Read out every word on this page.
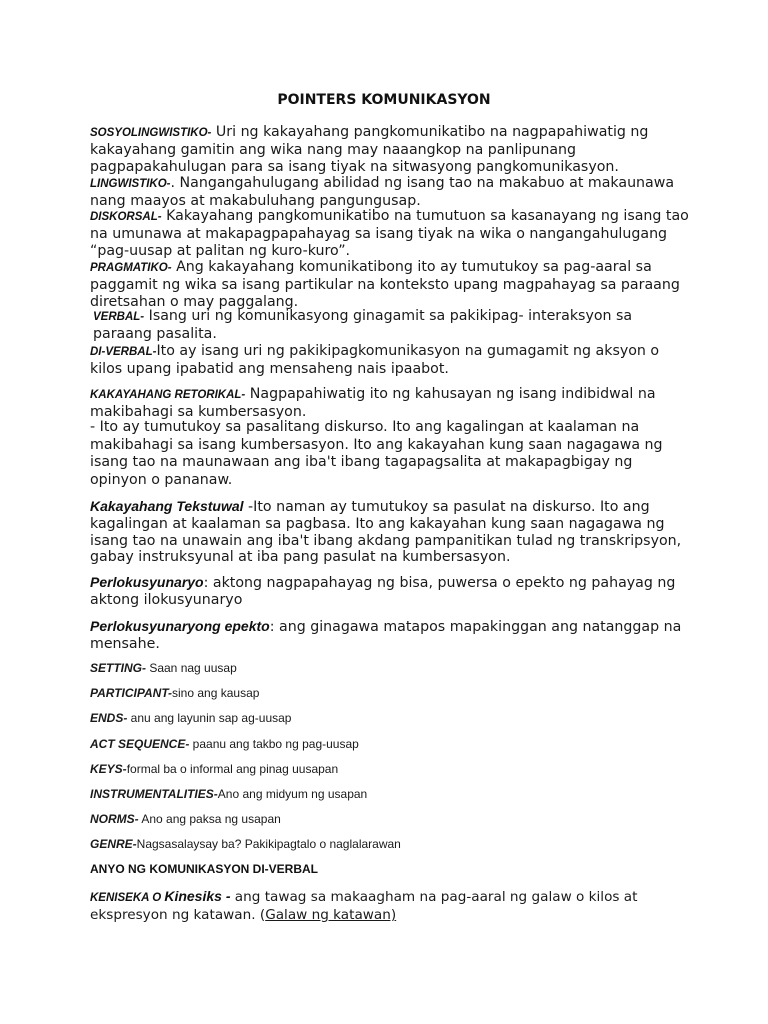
POINTERS KOMUNIKASYON
SOSYOLINGWISTIKO- Uri ng kakayahang pangkomunikatibo na nagpapahiwatig ng kakayahang gamitin ang wika nang may naaangkop na panlipunang pagpapakahulugan para sa isang tiyak na sitwasyong pangkomunikasyon.
LINGWISTIKO-. Nangangahulugang abilidad ng isang tao na makabuo at makaunawa nang maayos at makabuluhang pangungusap.
DISKORSAL- Kakayahang pangkomunikatibo na tumutuon sa kasanayang ng isang tao na umunawa at makapagpapahayag sa isang tiyak na wika o nangangahulugang “pag-uusap at palitan ng kuro-kuro”.
PRAGMATIKO- Ang kakayahang komunikatibong ito ay tumutukoy sa pag-aaral sa paggamit ng wika sa isang partikular na konteksto upang magpahayag sa paraang diretsahan o may paggalang.
VERBAL- Isang uri ng komunikasyong ginagamit sa pakikipag- interaksyon sa paraang pasalita.
DI-VERBAL-Ito ay isang uri ng pakikipagkomunikasyon na gumagamit ng aksyon o kilos upang ipabatid ang mensaheng nais ipaabot.
KAKAYAHANG RETORIKAL- Nagpapahiwatig ito ng kahusayan ng isang indibidwal na makibahagi sa kumbersasyon.
- Ito ay tumutukoy sa pasalitang diskurso. Ito ang kagalingan at kaalaman na makibahagi sa isang kumbersasyon. Ito ang kakayahan kung saan nagagawa ng isang tao na maunawaan ang iba't ibang tagapagsalita at makapagbigay ng opinyon o pananaw.
Kakayahang Tekstuwal -Ito naman ay tumutukoy sa pasulat na diskurso. Ito ang kagalingan at kaalaman sa pagbasa. Ito ang kakayahan kung saan nagagawa ng isang tao na unawain ang iba't ibang akdang pampanitikan tulad ng transkripsyon, gabay instruksyunal at iba pang pasulat na kumbersasyon.
Perlokusyunaryo: aktong nagpapahayag ng bisa, puwersa o epekto ng pahayag ng aktong ilokusyunaryo
Perlokusyunaryong epekto: ang ginagawa matapos mapakinggan ang natanggap na mensahe.
SETTING- Saan nag uusap
PARTICIPANT-sino ang kausap
ENDS- anu ang layunin sap ag-uusap
ACT SEQUENCE- paanu ang takbo ng pag-uusap
KEYS-formal ba o informal ang pinag uusapan
INSTRUMENTALITIES-Ano ang midyum ng usapan
NORMS- Ano ang paksa ng usapan
GENRE-Nagsasalaysay ba? Pakikipagtalo o naglalarawan
ANYO NG KOMUNIKASYON DI-VERBAL
KENISEKA O Kinesiks - ang tawag sa makaagham na pag-aaral ng galaw o kilos at ekspresyon ng katawan. (Galaw ng katawan)
